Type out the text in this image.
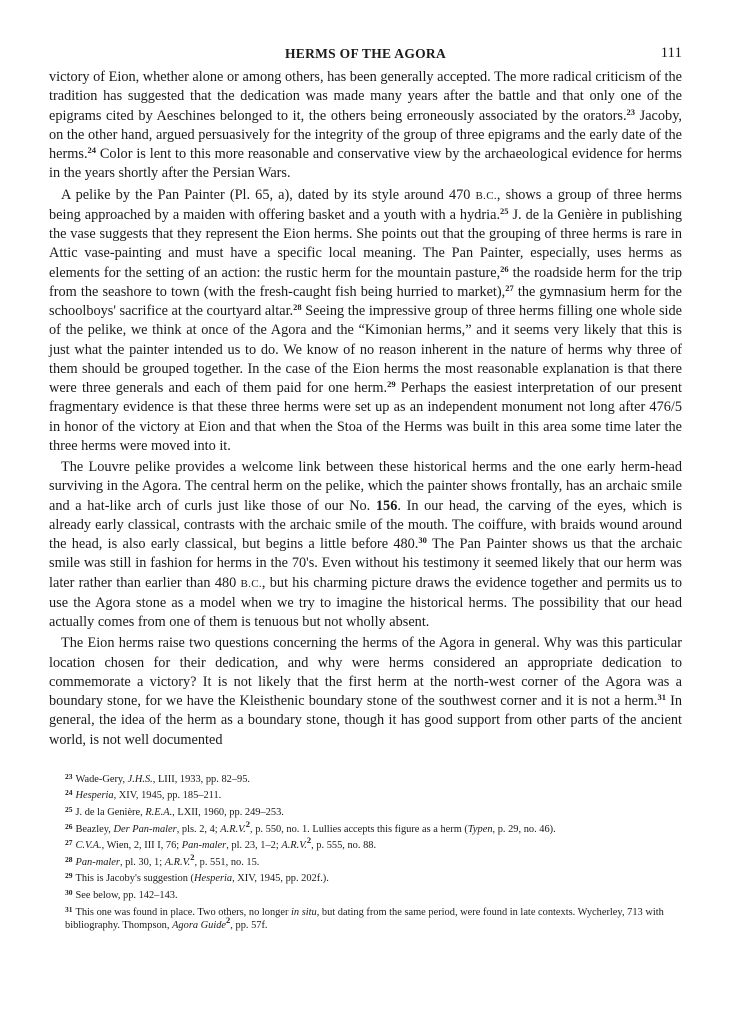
HERMS OF THE AGORA	111

victory of Eion, whether alone or among others, has been generally accepted. The more radical criticism of the tradition has suggested that the dedication was made many years after the battle and that only one of the epigrams cited by Aeschines belonged to it, the others being erroneously associated by the orators.$^{23}$ Jacoby, on the other hand, argued persuasively for the integrity of the group of three epigrams and the early date of the herms.$^{24}$ Color is lent to this more reasonable and conservative view by the archaeological evidence for herms in the years shortly after the Persian Wars.

A pelike by the Pan Painter (Pl. 65, a), dated by its style around 470 B.C., shows a group of three herms being approached by a maiden with offering basket and a youth with a hydria.$^{25}$ J. de la Genière in publishing the vase suggests that they represent the Eion herms. She points out that the grouping of three herms is rare in Attic vase-painting and must have a specific local meaning. The Pan Painter, especially, uses herms as elements for the setting of an action: the rustic herm for the mountain pasture,$^{26}$ the roadside herm for the trip from the seashore to town (with the fresh-caught fish being hurried to market),$^{27}$ the gymnasium herm for the schoolboys' sacrifice at the courtyard altar.$^{28}$ Seeing the impressive group of three herms filling one whole side of the pelike, we think at once of the Agora and the “Kimonian herms,” and it seems very likely that this is just what the painter intended us to do. We know of no reason inherent in the nature of herms why three of them should be grouped together. In the case of the Eion herms the most reasonable explanation is that there were three generals and each of them paid for one herm.$^{29}$ Perhaps the easiest interpretation of our present fragmentary evidence is that these three herms were set up as an independent monument not long after 476/5 in honor of the victory at Eion and that when the Stoa of the Herms was built in this area some time later the three herms were moved into it.

The Louvre pelike provides a welcome link between these historical herms and the one early herm-head surviving in the Agora. The central herm on the pelike, which the painter shows frontally, has an archaic smile and a hat-like arch of curls just like those of our No. 156. In our head, the carving of the eyes, which is already early classical, contrasts with the archaic smile of the mouth. The coiffure, with braids wound around the head, is also early classical, but begins a little before 480.30 The Pan Painter shows us that the archaic smile was still in fashion for herms in the 70's. Even without his testimony it seemed likely that our herm was later rather than earlier than 480 B.C., but his charming picture draws the evidence together and permits us to use the Agora stone as a model when we try to imagine the historical herms. The possibility that our head actually comes from one of them is tenuous but not wholly absent.

The Eion herms raise two questions concerning the herms of the Agora in general. Why was this particular location chosen for their dedication, and why were herms considered an appropriate dedication to commemorate a victory? It is not likely that the first herm at the north-west corner of the Agora was a boundary stone, for we have the Kleisthenic boundary stone of the southwest corner and it is not a herm.$^{31}$ In general, the idea of the herm as a boundary stone, though it has good support from other parts of the ancient world, is not well documented

$^{23}$ Wade-Gery, J.H.S., LIII, 1933, pp. 82–95.
$^{24}$ Hesperia, XIV, 1945, pp. 185–211.
$^{25}$ J. de la Genière, R.E.A., LXII, 1960, pp. 249–253.
$^{26}$ Beazley, Der Pan-maler, pls. 2, 4; A.R.V.$^2$, p. 550, no. 1. Lullies accepts this figure as a herm (Typen, p. 29, no. 46).
$^{27}$ C.V.A., Wien, 2, III I, 76; Pan-maler, pl. 23, 1–2; A.R.V.$^2$, p. 555, no. 88.
$^{28}$ Pan-maler, pl. 30, 1; A.R.V.$^2$, p. 551, no. 15.
$^{29}$ This is Jacoby's suggestion (Hesperia, XIV, 1945, pp. 202f.).
$^{30}$ See below, pp. 142–143.
$^{31}$ This one was found in place. Two others, no longer in situ, but dating from the same period, were found in late contexts. Wycherley, 713 with bibliography. Thompson, Agora Guide$^2$, pp. 57f.
